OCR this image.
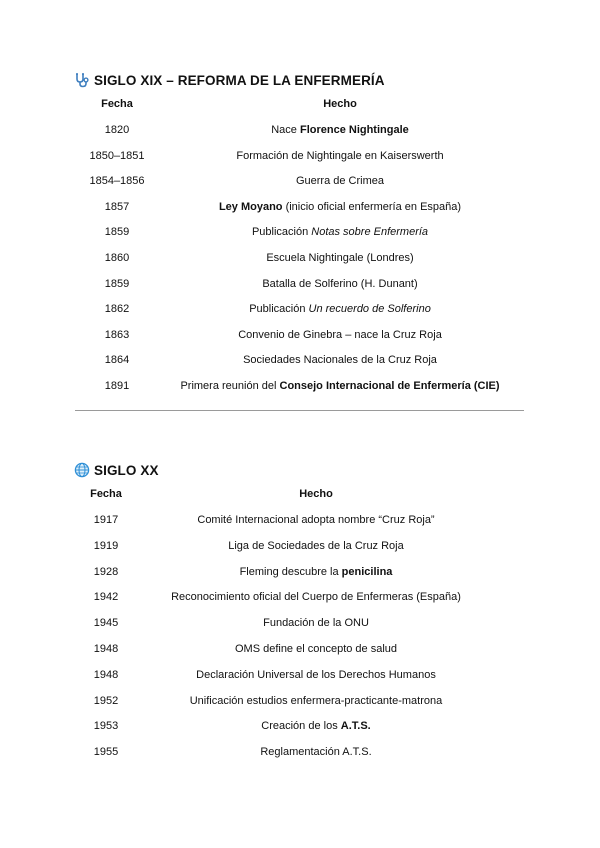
SIGLO XIX – REFORMA DE LA ENFERMERÍA
Fecha	Hecho
1820	Nace Florence Nightingale
1850–1851	Formación de Nightingale en Kaiserswerth
1854–1856	Guerra de Crimea
1857	Ley Moyano (inicio oficial enfermería en España)
1859	Publicación Notas sobre Enfermería
1860	Escuela Nightingale (Londres)
1859	Batalla de Solferino (H. Dunant)
1862	Publicación Un recuerdo de Solferino
1863	Convenio de Ginebra – nace la Cruz Roja
1864	Sociedades Nacionales de la Cruz Roja
1891	Primera reunión del Consejo Internacional de Enfermería (CIE)
SIGLO XX
Fecha	Hecho
1917	Comité Internacional adopta nombre “Cruz Roja”
1919	Liga de Sociedades de la Cruz Roja
1928	Fleming descubre la penicilina
1942	Reconocimiento oficial del Cuerpo de Enfermeras (España)
1945	Fundación de la ONU
1948	OMS define el concepto de salud
1948	Declaración Universal de los Derechos Humanos
1952	Unificación estudios enfermera-practicante-matrona
1953	Creación de los A.T.S.
1955	Reglamentación A.T.S.
